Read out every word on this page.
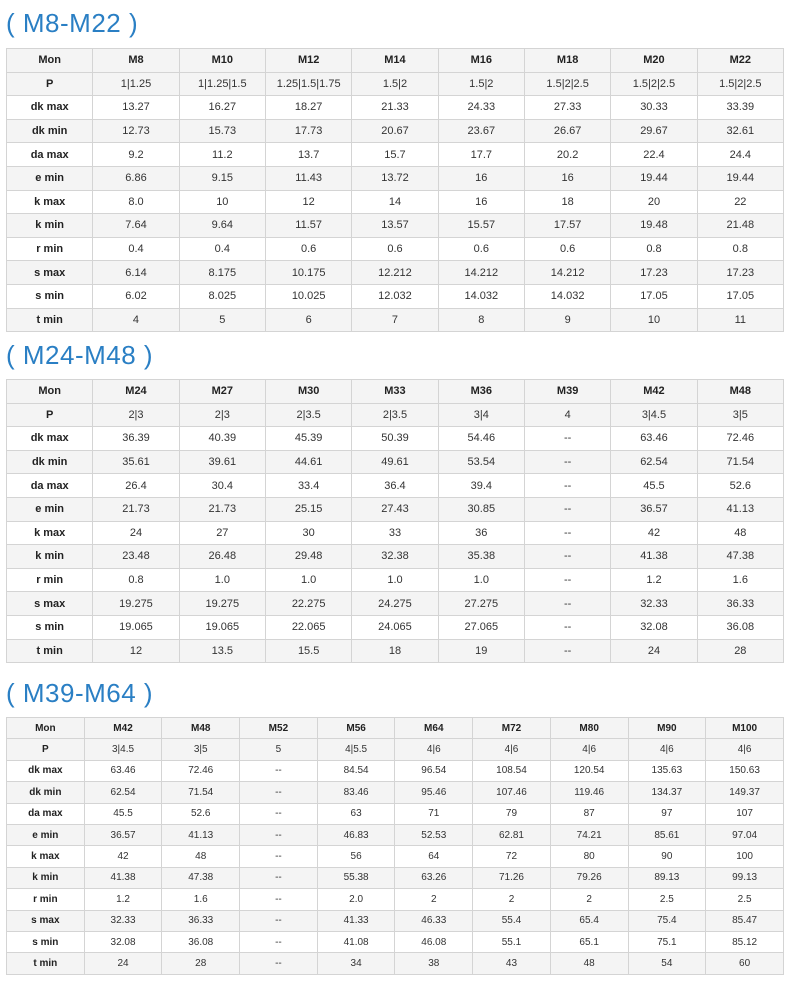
( M8-M22 )
Mon	M8	M10	M12	M14	M16	M18	M20	M22
P	1|1.25	1|1.25|1.5	1.25|1.5|1.75	1.5|2	1.5|2	1.5|2|2.5	1.5|2|2.5	1.5|2|2.5
dk max	13.27	16.27	18.27	21.33	24.33	27.33	30.33	33.39
dk min	12.73	15.73	17.73	20.67	23.67	26.67	29.67	32.61
da max	9.2	11.2	13.7	15.7	17.7	20.2	22.4	24.4
e min	6.86	9.15	11.43	13.72	16	16	19.44	19.44
k max	8.0	10	12	14	16	18	20	22
k min	7.64	9.64	11.57	13.57	15.57	17.57	19.48	21.48
r min	0.4	0.4	0.6	0.6	0.6	0.6	0.8	0.8
s max	6.14	8.175	10.175	12.212	14.212	14.212	17.23	17.23
s min	6.02	8.025	10.025	12.032	14.032	14.032	17.05	17.05
t min	4	5	6	7	8	9	10	11
( M24-M48 )
Mon	M24	M27	M30	M33	M36	M39	M42	M48
P	2|3	2|3	2|3.5	2|3.5	3|4	4	3|4.5	3|5
dk max	36.39	40.39	45.39	50.39	54.46	--	63.46	72.46
dk min	35.61	39.61	44.61	49.61	53.54	--	62.54	71.54
da max	26.4	30.4	33.4	36.4	39.4	--	45.5	52.6
e min	21.73	21.73	25.15	27.43	30.85	--	36.57	41.13
k max	24	27	30	33	36	--	42	48
k min	23.48	26.48	29.48	32.38	35.38	--	41.38	47.38
r min	0.8	1.0	1.0	1.0	1.0	--	1.2	1.6
s max	19.275	19.275	22.275	24.275	27.275	--	32.33	36.33
s min	19.065	19.065	22.065	24.065	27.065	--	32.08	36.08
t min	12	13.5	15.5	18	19	--	24	28
( M39-M64 )
Mon	M42	M48	M52	M56	M64	M72	M80	M90	M100
P	3|4.5	3|5	5	4|5.5	4|6	4|6	4|6	4|6	4|6
dk max	63.46	72.46	--	84.54	96.54	108.54	120.54	135.63	150.63
dk min	62.54	71.54	--	83.46	95.46	107.46	119.46	134.37	149.37
da max	45.5	52.6	--	63	71	79	87	97	107
e min	36.57	41.13	--	46.83	52.53	62.81	74.21	85.61	97.04
k max	42	48	--	56	64	72	80	90	100
k min	41.38	47.38	--	55.38	63.26	71.26	79.26	89.13	99.13
r min	1.2	1.6	--	2.0	2	2	2	2.5	2.5
s max	32.33	36.33	--	41.33	46.33	55.4	65.4	75.4	85.47
s min	32.08	36.08	--	41.08	46.08	55.1	65.1	75.1	85.12
t min	24	28	--	34	38	43	48	54	60
